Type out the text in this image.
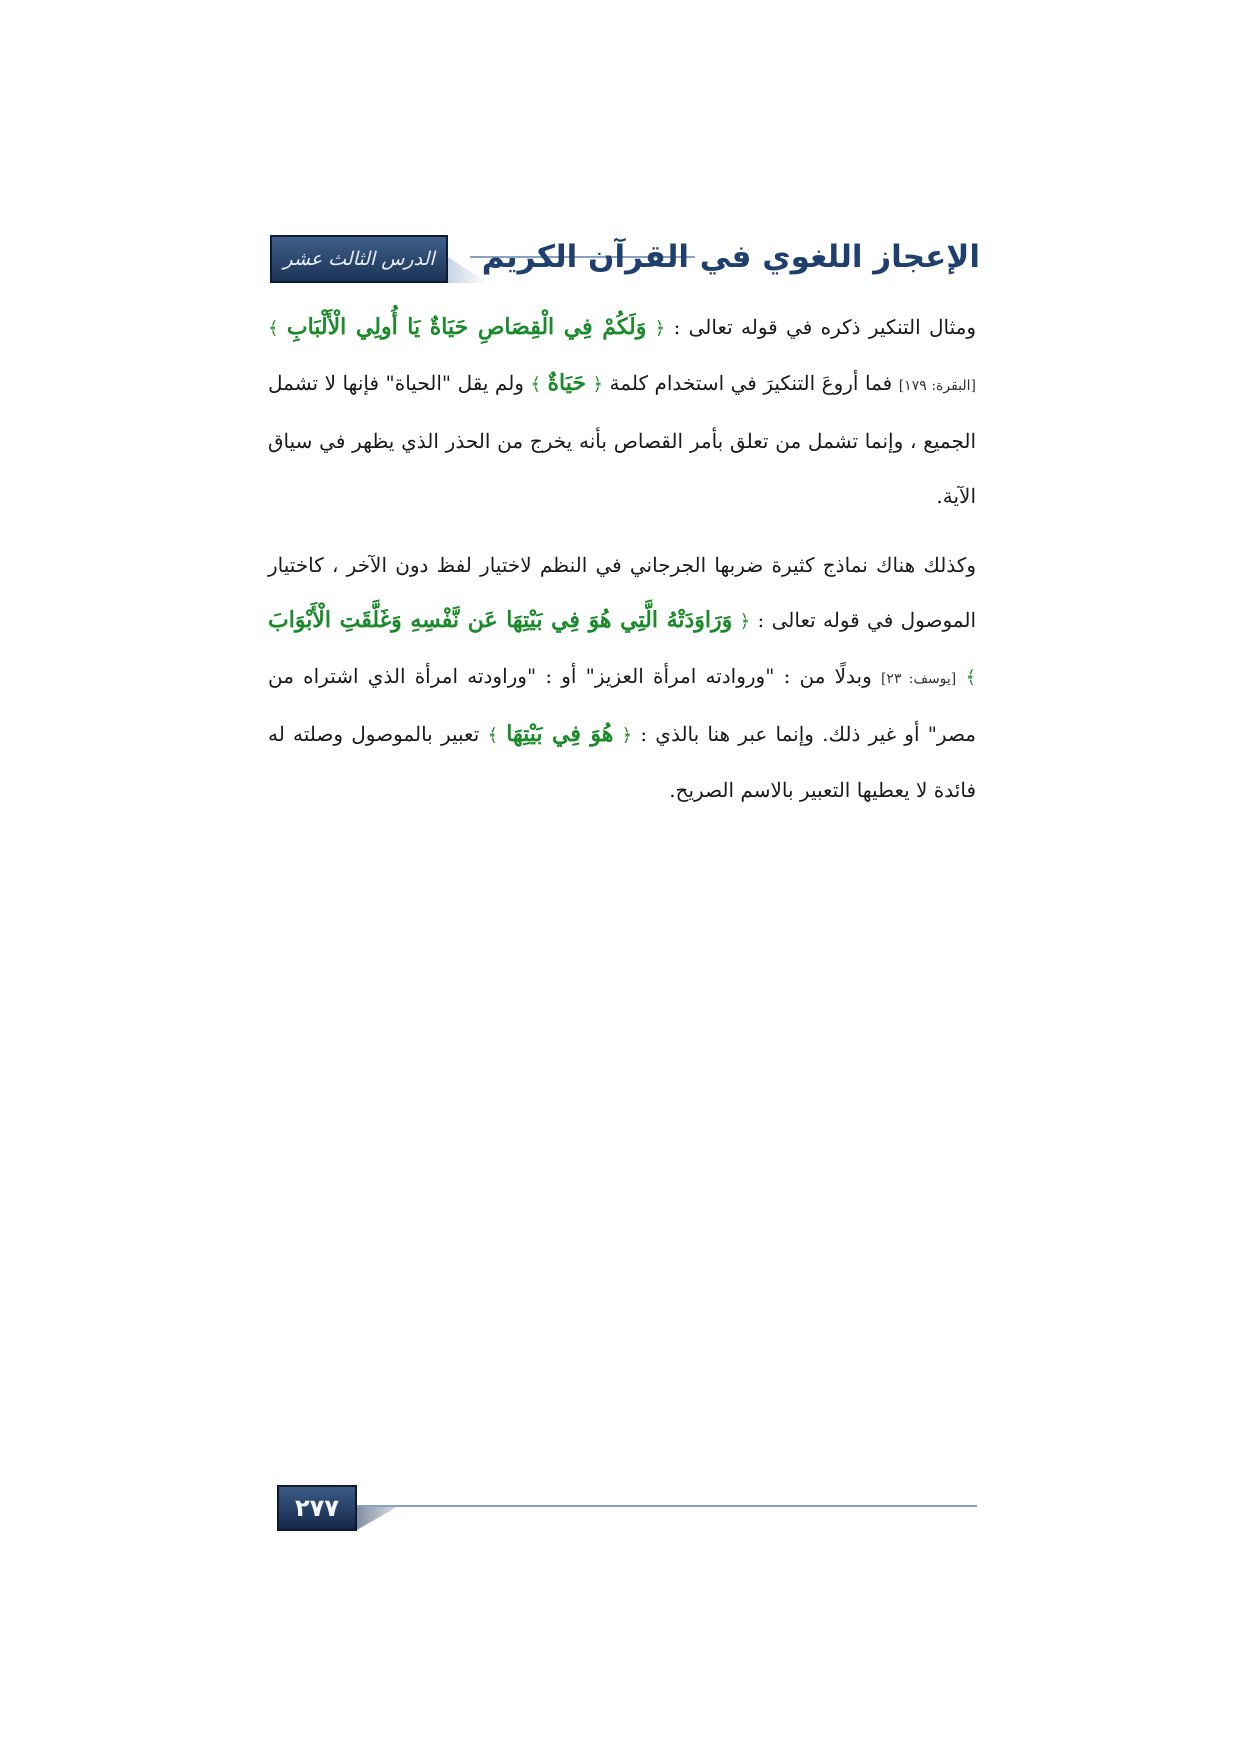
الدرس الثالث عشر الإعجاز اللغوي في القرآن الكريم

ومثال التنكير ذكره في قوله تعالى : ﴿ وَلَكُمْ فِي الْقِصَاصِ حَيَاةٌ يَا أُولِي الْأَلْبَابِ ﴾ [البقرة: ١٧٩] فما أروعَ التنكيرَ في استخدام كلمة ﴿ حَيَاةٌ ﴾ ولم يقل "الحياة" فإنها لا تشمل الجميع ، وإنما تشمل من تعلق بأمر القصاص بأنه يخرج من الحذر الذي يظهر في سياق الآية.

وكذلك هناك نماذج كثيرة ضربها الجرجاني في النظم لاختيار لفظ دون الآخر ، كاختيار الموصول في قوله تعالى : ﴿ وَرَاوَدَتْهُ الَّتِي هُوَ فِي بَيْتِهَا عَن نَّفْسِهِ وَغَلَّقَتِ الْأَبْوَابَ ﴾ [يوسف: ٢٣] وبدلًا من : "وروادته امرأة العزيز" أو : "وراودته امرأة الذي اشتراه من مصر" أو غير ذلك. وإنما عبر هنا بالذي : ﴿ هُوَ فِي بَيْتِهَا ﴾ تعبير بالموصول وصلته له فائدة لا يعطيها التعبير بالاسم الصريح.

٢٧٧
